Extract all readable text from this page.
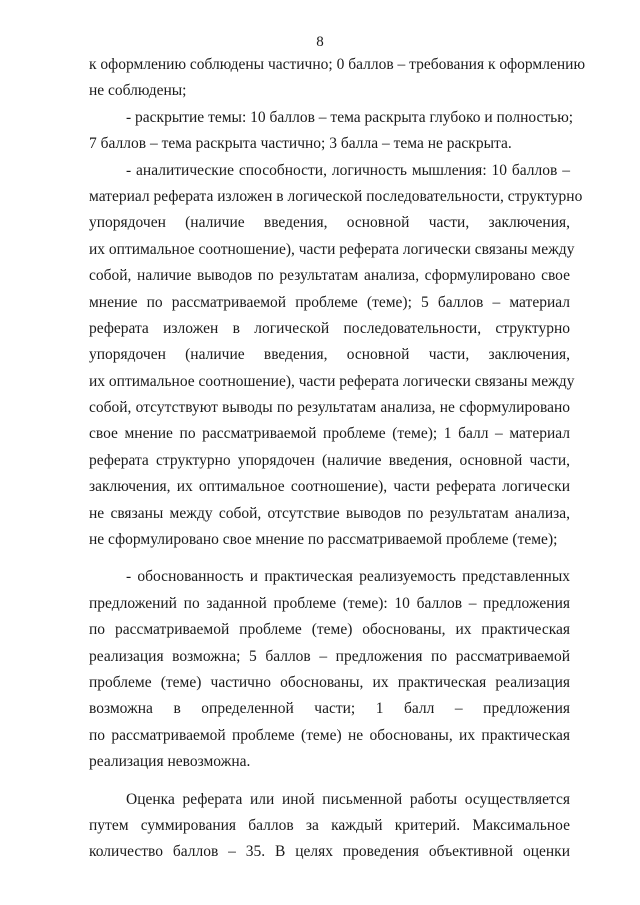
8
к оформлению соблюдены частично; 0 баллов – требования к оформлению
не соблюдены;
- раскрытие темы: 10 баллов – тема раскрыта глубоко и полностью;
7 баллов – тема раскрыта частично; 3 балла – тема не раскрыта.
- аналитические способности, логичность мышления: 10 баллов –
материал реферата изложен в логической последовательности, структурно
упорядочен (наличие введения, основной части, заключения,
их оптимальное соотношение), части реферата логически связаны между
собой, наличие выводов по результатам анализа, сформулировано свое
мнение по рассматриваемой проблеме (теме); 5 баллов – материал
реферата изложен в логической последовательности, структурно
упорядочен (наличие введения, основной части, заключения,
их оптимальное соотношение), части реферата логически связаны между
собой, отсутствуют выводы по результатам анализа, не сформулировано
свое мнение по рассматриваемой проблеме (теме); 1 балл – материал
реферата структурно упорядочен (наличие введения, основной части,
заключения, их оптимальное соотношение), части реферата логически
не связаны между собой, отсутствие выводов по результатам анализа,
не сформулировано свое мнение по рассматриваемой проблеме (теме);
- обоснованность и практическая реализуемость представленных
предложений по заданной проблеме (теме): 10 баллов – предложения
по рассматриваемой проблеме (теме) обоснованы, их практическая
реализация возможна; 5 баллов – предложения по рассматриваемой
проблеме (теме) частично обоснованы, их практическая реализация
возможна в определенной части; 1 балл – предложения
по рассматриваемой проблеме (теме) не обоснованы, их практическая
реализация невозможна.
Оценка реферата или иной письменной работы осуществляется
путем суммирования баллов за каждый критерий. Максимальное
количество баллов – 35. В целях проведения объективной оценки
